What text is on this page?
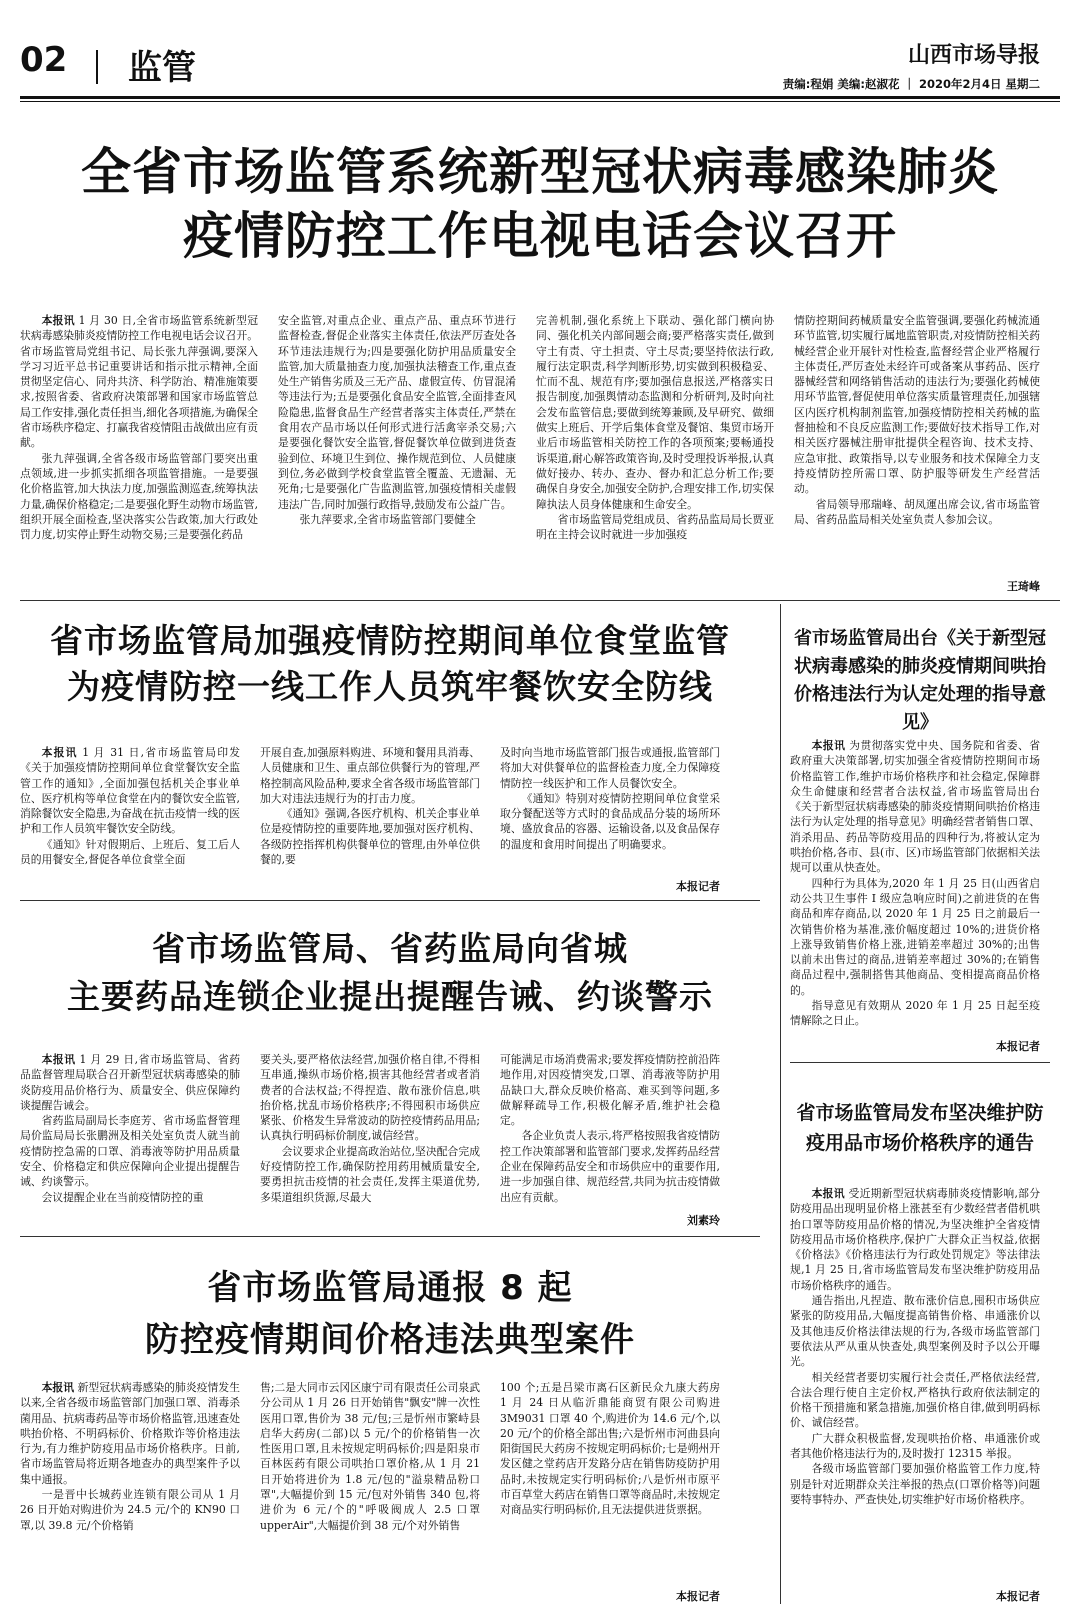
02 监管	山西市场导报
责编:程娟 美编:赵淑花 ｜ 2020年2月4日 星期二
全省市场监管系统新型冠状病毒感染肺炎
疫情防控工作电视电话会议召开

本报讯 1 月 30 日,全省市场监管系统新型冠状病毒感染肺炎疫情防控工作电视电话会议召开。省市场监管局党组书记、局长张九萍强调,要深入学习习近平总书记重要讲话和指示批示精神,全面贯彻坚定信心、同舟共济、科学防治、精准施策要求,按照省委、省政府决策部署和国家市场监管总局工作安排,强化责任担当,细化各项措施,为确保全省市场秩序稳定、打赢我省疫情阻击战做出应有贡献。

张九萍强调,全省各级市场监管部门要突出重点领域,进一步抓实抓细各项监管措施。一是要强化价格监管,加大执法力度,加强监测巡查,统筹执法力量,确保价格稳定;二是要强化野生动物市场监管,组织开展全面检查,坚决落实公告政策,加大行政处罚力度,切实停止野生动物交易;三是要强化药品

安全监管,对重点企业、重点产品、重点环节进行监督检查,督促企业落实主体责任,依法严厉查处各环节违法违规行为;四是要强化防护用品质量安全监管,加大质量抽查力度,加强执法稽查工作,重点查处生产销售劣质及三无产品、虚假宣传、仿冒混淆等违法行为;五是要强化食品安全监管,全面排查风险隐患,监督食品生产经营者落实主体责任,严禁在食用农产品市场以任何形式进行活禽宰杀交易;六是要强化餐饮安全监管,督促餐饮单位做到进货查验到位、环境卫生到位、操作规范到位、人员健康到位,务必做到学校食堂监管全覆盖、无遗漏、无死角;七是要强化广告监测监管,加强疫情相关虚假违法广告,同时加强行政指导,鼓励发布公益广告。

张九萍要求,全省市场监管部门要健全

完善机制,强化系统上下联动、强化部门横向协同、强化机关内部间题会商;要严格落实责任,做到守土有责、守土担责、守土尽责;要坚持依法行政,履行法定职责,科学判断形势,切实做到积极稳妥、忙而不乱、规范有序;要加强信息报送,严格落实日报告制度,加强舆情动态监测和分析研判,及时向社会发布监管信息;要做到统筹兼顾,及早研究、做细做实上班后、开学后集体食堂及餐馆、集贸市场开业后市场监管相关防控工作的各项预案;要畅通投诉渠道,耐心解答政策咨询,及时受理投诉举报,认真做好接办、转办、查办、督办和汇总分析工作;要确保自身安全,加强安全防护,合理安排工作,切实保障执法人员身体健康和生命安全。

省市场监管局党组成员、省药品监局局长贾亚明在主持会议时就进一步加强疫

情防控期间药械质量安全监管强调,要强化药械流通环节监管,切实履行属地监管职责,对疫情防控相关药械经营企业开展针对性检查,监督经营企业严格履行主体责任,严厉查处未经许可或备案从事药品、医疗器械经营和网络销售活动的违法行为;要强化药械使用环节监管,督促使用单位落实质量管理责任,加强辖区内医疗机构制剂监管,加强疫情防控相关药械的监督抽检和不良反应监测工作;要做好技术指导工作,对相关医疗器械注册审批提供全程咨询、技术支持、应急审批、政策指导,以专业服务和技术保障全力支持疫情防控所需口罩、防护服等研发生产经营活动。

省局领导邢瑞峰、胡凤運出席会议,省市场监管局、省药品监局相关处室负责人参加会议。

王琦峰
省市场监管局加强疫情防控期间单位食堂监管
为疫情防控一线工作人员筑牢餐饮安全防线

本报讯 1 月 31 日,省市场监管局印发《关于加强疫情防控期间单位食堂餐饮安全监管工作的通知》,全面加强包括机关企事业单位、医疗机构等单位食堂在内的餐饮安全监管,消除餐饮安全隐患,为奋战在抗击疫情一线的医护和工作人员筑牢餐饮安全防线。

《通知》针对假期后、上班后、复工后人员的用餐安全,督促各单位食堂全面

开展自查,加强原料购进、环境和餐用具消毒、人员健康和卫生、重点部位供餐行为的管理,严格控制高风险品种,要求全省各级市场监管部门加大对违法违规行为的打击力度。

《通知》强调,各医疗机构、机关企事业单位是疫情防控的重要阵地,要加强对医疗机构、各级防控指挥机构供餐单位的管理,由外单位供餐的,要

及时向当地市场监管部门报告或通报,监管部门将加大对供餐单位的监督检查力度,全力保障疫情防控一线医护和工作人员餐饮安全。

《通知》特别对疫情防控期间单位食堂采取分餐配送等方式时的食品成品分装的场所环境、盛放食品的容器、运输设备,以及食品保存的温度和食用时间提出了明确要求。

本报记者
省市场监管局、省药监局向省城
主要药品连锁企业提出提醒告诫、约谈警示

本报讯 1 月 29 日,省市场监管局、省药品监督管理局联合召开新型冠状病毒感染的肺炎防疫用品价格行为、质量安全、供应保障约谈提醒告诫会。

省药监局副局长李庭芳、省市场监督管理局价监局局长张鹏洲及相关处室负责人就当前疫情防控急需的口罩、消毒液等防护用品质量安全、价格稳定和供应保障向企业提出提醒告诫、约谈警示。

会议提醒企业在当前疫情防控的重

要关头,要严格依法经营,加强价格自律,不得相互串通,操纵市场价格,损害其他经营者或者消费者的合法权益;不得捏造、散布涨价信息,哄抬价格,扰乱市场价格秩序;不得囤积市场供应紧张、价格发生异常波动的防控疫情药品用品;认真执行明码标价制度,诚信经营。

会议要求企业提高政治站位,坚决配合完成好疫情防控工作,确保防控用药用械质量安全,要勇担抗击疫情的社会责任,发挥主渠道优势,多渠道组织货源,尽最大

可能满足市场消费需求;要发挥疫情防控前沿阵地作用,对因疫情突发,口罩、消毒液等防护用品缺口大,群众反映价格高、难买到等问题,多做解释疏导工作,积极化解矛盾,维护社会稳定。

各企业负责人表示,将严格按照我省疫情防控工作决策部署和监管部门要求,发挥药品经营企业在保障药品安全和市场供应中的重要作用,进一步加强自律、规范经营,共同为抗击疫情做出应有贡献。

刘素玲
省市场监管局通报 8 起
防控疫情期间价格违法典型案件

本报讯 新型冠状病毒感染的肺炎疫情发生以来,全省各级市场监管部门加强口罩、消毒杀菌用品、抗病毒药品等市场价格监管,迅速查处哄抬价格、不明码标价、价格欺诈等价格违法行为,有力维护防疫用品市场价格秩序。日前,省市场监管局将近期各地查办的典型案件予以集中通报。

一是晋中长城药业连锁有限公司从 1 月 26 日开始对购进价为 24.5 元/个的 KN90 口罩,以 39.8 元/个价格销

售;二是大同市云冈区康宁司有限责任公司泉武分公司从 1 月 26 日开始销售"飘安"牌一次性医用口罩,售价为 38 元/包;三是忻州市繁峙县启华大药房(二部)以 5 元/个的价格销售一次性医用口罩,且未按规定明码标价;四是阳泉市百林医药有限公司哄抬口罩价格,从 1 月 21 日开始将进价为 1.8 元/包的"溢泉精品粉口罩",大幅提价到 15 元/包对外销售 340 包,将进价为 6 元/个的"呼吸阀成人 2.5 口罩 upperAir",大幅提价到 38 元/个对外销售

100 个;五是吕梁市离石区新民众九康大药房 1 月 24 日从临沂鼎能商贸有限公司购进 3M9031 口罩 40 个,购进价为 14.6 元/个,以 20 元/个的价格全部出售;六是忻州市河曲县向阳街国民大药房不按规定明码标价;七是朔州开发区健之堂药店开发路分店在销售防疫防护用品时,未按规定实行明码标价;八是忻州市原平市百草堂大药店在销售口罩等商品时,未按规定对商品实行明码标价,且无法提供进货票据。

本报记者
省市场监管局出台《关于新型冠状病毒感染的肺炎疫情期间哄抬价格违法行为认定处理的指导意见》

本报讯 为贯彻落实党中央、国务院和省委、省政府重大决策部署,切实加强全省疫情防控期间市场价格监管工作,维护市场价格秩序和社会稳定,保障群众生命健康和经营者合法权益,省市场监管局出台《关于新型冠状病毒感染的肺炎疫情期间哄抬价格违法行为认定处理的指导意见》明确经营者销售口罩、消杀用品、药品等防疫用品的四种行为,将被认定为哄抬价格,各市、县(市、区)市场监管部门依据相关法规可以重从快查处。

四种行为具体为,2020 年 1 月 25 日(山西省启动公共卫生事件 I 级应急响应时间)之前进货的在售商品和库存商品,以 2020 年 1 月 25 日之前最后一次销售价格为基准,涨价幅度超过 10%的;进货价格上涨导致销售价格上涨,进销差率超过 30%的;出售以前未出售过的商品,进销差率超过 30%的;在销售商品过程中,强制搭售其他商品、变相提高商品价格的。

指导意见有效期从 2020 年 1 月 25 日起至疫情解除之日止。

本报记者
省市场监管局发布坚决维护防疫用品市场价格秩序的通告

本报讯 受近期新型冠状病毒肺炎疫情影响,部分防疫用品出现明显价格上涨甚至有少数经营者借机哄抬口罩等防疫用品价格的情况,为坚决维护全省疫情防疫用品市场价格秩序,保护广大群众正当权益,依据《价格法》《价格违法行为行政处罚规定》等法律法规,1 月 25 日,省市场监管局发布坚决维护防疫用品市场价格秩序的通告。

通告指出,凡捏造、散布涨价信息,囤积市场供应紧张的防疫用品,大幅度提高销售价格、串通涨价以及其他违反价格法律法规的行为,各级市场监管部门要依法从严从重从快查处,典型案例及时予以公开曝光。

相关经营者要切实履行社会责任,严格依法经营,合法合理行使自主定价权,严格执行政府依法制定的价格干预措施和紧急措施,加强价格自律,做到明码标价、诚信经营。

广大群众积极监督,发现哄抬价格、串通涨价或者其他价格违法行为的,及时拨打 12315 举报。

各级市场监管部门要加强价格监管工作力度,特别是针对近期群众关注举报的热点(口罩价格等)问题要特事特办、严查快处,切实维护好市场价格秩序。

本报记者
